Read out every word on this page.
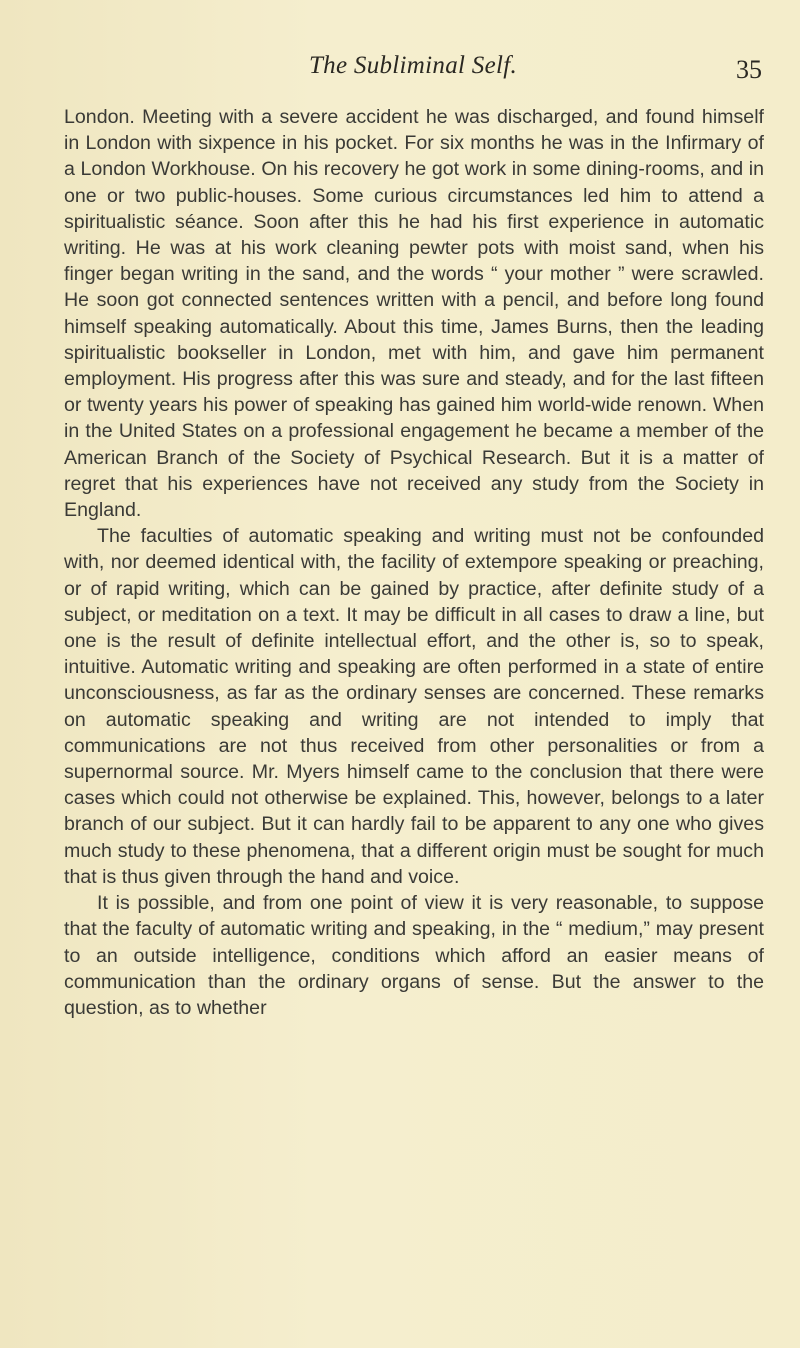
The Subliminal Self.	35

London. Meeting with a severe accident he was discharged, and found himself in London with sixpence in his pocket. For six months he was in the Infirmary of a London Workhouse. On his recovery he got work in some dining-rooms, and in one or two public-houses. Some curious circumstances led him to attend a spiritualistic séance. Soon after this he had his first experience in automatic writing. He was at his work cleaning pewter pots with moist sand, when his finger began writing in the sand, and the words “ your mother ” were scrawled. He soon got connected sentences written with a pencil, and before long found himself speaking automatically. About this time, James Burns, then the leading spiritualistic bookseller in London, met with him, and gave him permanent employment. His progress after this was sure and steady, and for the last fifteen or twenty years his power of speaking has gained him world-wide renown. When in the United States on a professional engagement he became a member of the American Branch of the Society of Psychical Research. But it is a matter of regret that his experiences have not received any study from the Society in England.

The faculties of automatic speaking and writing must not be confounded with, nor deemed identical with, the facility of extempore speaking or preaching, or of rapid writing, which can be gained by practice, after definite study of a subject, or meditation on a text. It may be difficult in all cases to draw a line, but one is the result of definite intellectual effort, and the other is, so to speak, intuitive. Automatic writing and speaking are often performed in a state of entire unconsciousness, as far as the ordinary senses are concerned. These remarks on automatic speaking and writing are not intended to imply that communications are not thus received from other personalities or from a supernormal source. Mr. Myers himself came to the conclusion that there were cases which could not otherwise be explained. This, however, belongs to a later branch of our subject. But it can hardly fail to be apparent to any one who gives much study to these phenomena, that a different origin must be sought for much that is thus given through the hand and voice.

It is possible, and from one point of view it is very reasonable, to suppose that the faculty of automatic writing and speaking, in the “ medium,” may present to an outside intelligence, conditions which afford an easier means of communication than the ordinary organs of sense. But the answer to the question, as to whether
